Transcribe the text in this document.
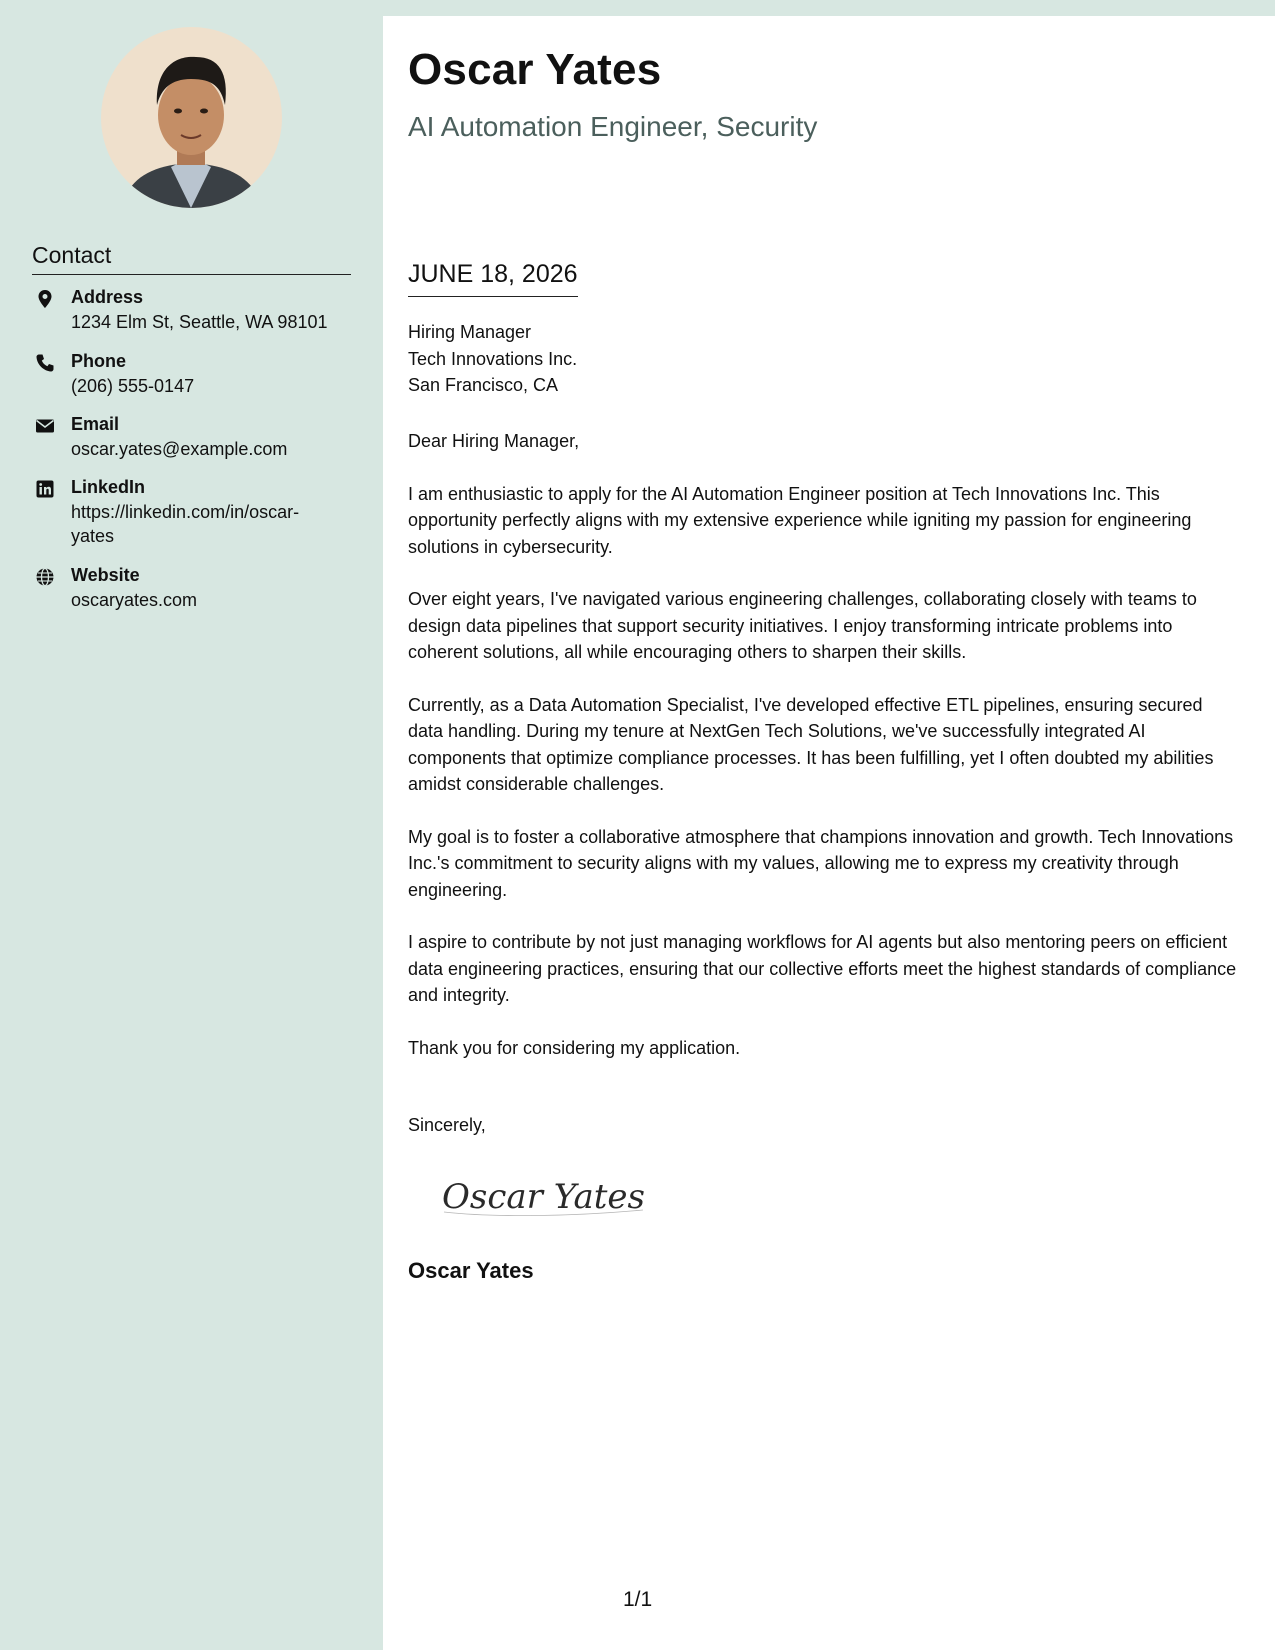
Contact
Address
1234 Elm St, Seattle, WA 98101
Phone
(206) 555-0147
Email
oscar.yates@example.com
LinkedIn
https://linkedin.com/in/oscar-yates
Website
oscaryates.com
Oscar Yates
AI Automation Engineer, Security
JUNE 18, 2026
Hiring Manager
Tech Innovations Inc.
San Francisco, CA

Dear Hiring Manager,

I am enthusiastic to apply for the AI Automation Engineer position at Tech Innovations Inc. This opportunity perfectly aligns with my extensive experience while igniting my passion for engineering solutions in cybersecurity.

Over eight years, I've navigated various engineering challenges, collaborating closely with teams to design data pipelines that support security initiatives. I enjoy transforming intricate problems into coherent solutions, all while encouraging others to sharpen their skills.

Currently, as a Data Automation Specialist, I've developed effective ETL pipelines, ensuring secured data handling. During my tenure at NextGen Tech Solutions, we've successfully integrated AI components that optimize compliance processes. It has been fulfilling, yet I often doubted my abilities amidst considerable challenges.

My goal is to foster a collaborative atmosphere that champions innovation and growth. Tech Innovations Inc.'s commitment to security aligns with my values, allowing me to express my creativity through engineering.

I aspire to contribute by not just managing workflows for AI agents but also mentoring peers on efficient data engineering practices, ensuring that our collective efforts meet the highest standards of compliance and integrity.

Thank you for considering my application.

Sincerely,
Oscar Yates
Oscar Yates
1/1
